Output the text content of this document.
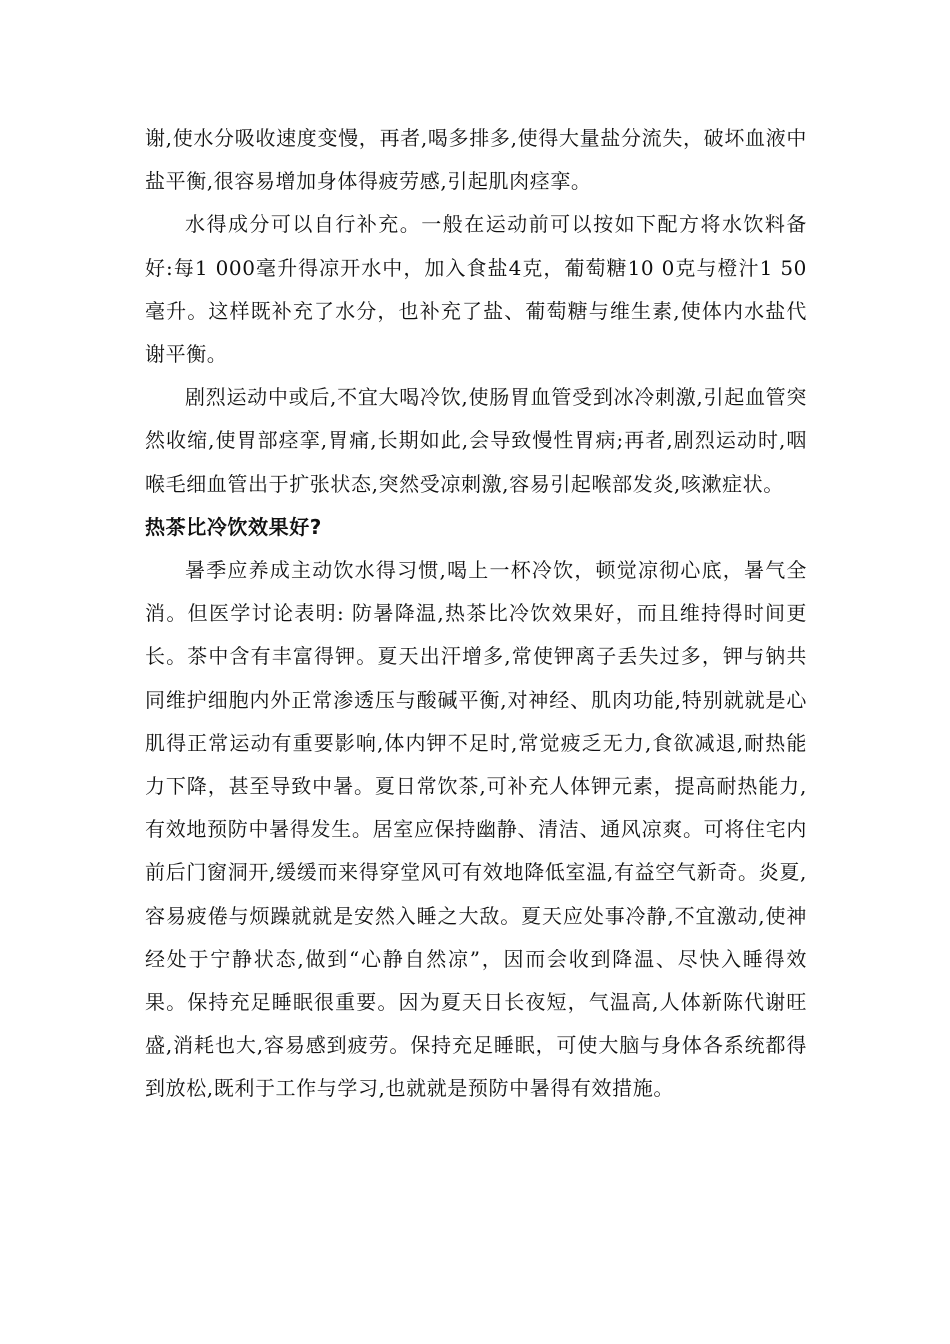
谢,使水分吸收速度变慢，再者,喝多排多,使得大量盐分流失，破坏血液中盐平衡,很容易增加身体得疲劳感,引起肌肉痉挛。

水得成分可以自行补充。一般在运动前可以按如下配方将水饮料备好:每1 000毫升得凉开水中，加入食盐4克，葡萄糖10 0克与橙汁1 50毫升。这样既补充了水分，也补充了盐、葡萄糖与维生素,使体内水盐代谢平衡。

剧烈运动中或后,不宜大喝冷饮,使肠胃血管受到冰冷刺激,引起血管突然收缩,使胃部痉挛,胃痛,长期如此,会导致慢性胃病;再者,剧烈运动时,咽喉毛细血管出于扩张状态,突然受凉刺激,容易引起喉部发炎,咳漱症状。

热茶比冷饮效果好?

暑季应养成主动饮水得习惯,喝上一杯冷饮，顿觉凉彻心底，暑气全消。但医学讨论表明: 防暑降温,热茶比冷饮效果好，而且维持得时间更长。茶中含有丰富得钾。夏天出汗增多,常使钾离子丢失过多，钾与钠共同维护细胞内外正常渗透压与酸碱平衡,对神经、肌肉功能,特别就就是心肌得正常运动有重要影响,体内钾不足时,常觉疲乏无力,食欲减退,耐热能力下降，甚至导致中暑。夏日常饮茶,可补充人体钾元素，提高耐热能力,有效地预防中暑得发生。居室应保持幽静、清洁、通风凉爽。可将住宅内前后门窗洞开,缓缓而来得穿堂风可有效地降低室温,有益空气新奇。炎夏,容易疲倦与烦躁就就是安然入睡之大敌。夏天应处事冷静,不宜激动,使神经处于宁静状态,做到“心静自然凉”，因而会收到降温、尽快入睡得效果。保持充足睡眠很重要。因为夏天日长夜短，气温高,人体新陈代谢旺盛,消耗也大,容易感到疲劳。保持充足睡眠，可使大脑与身体各系统都得到放松,既利于工作与学习,也就就是预防中暑得有效措施。
